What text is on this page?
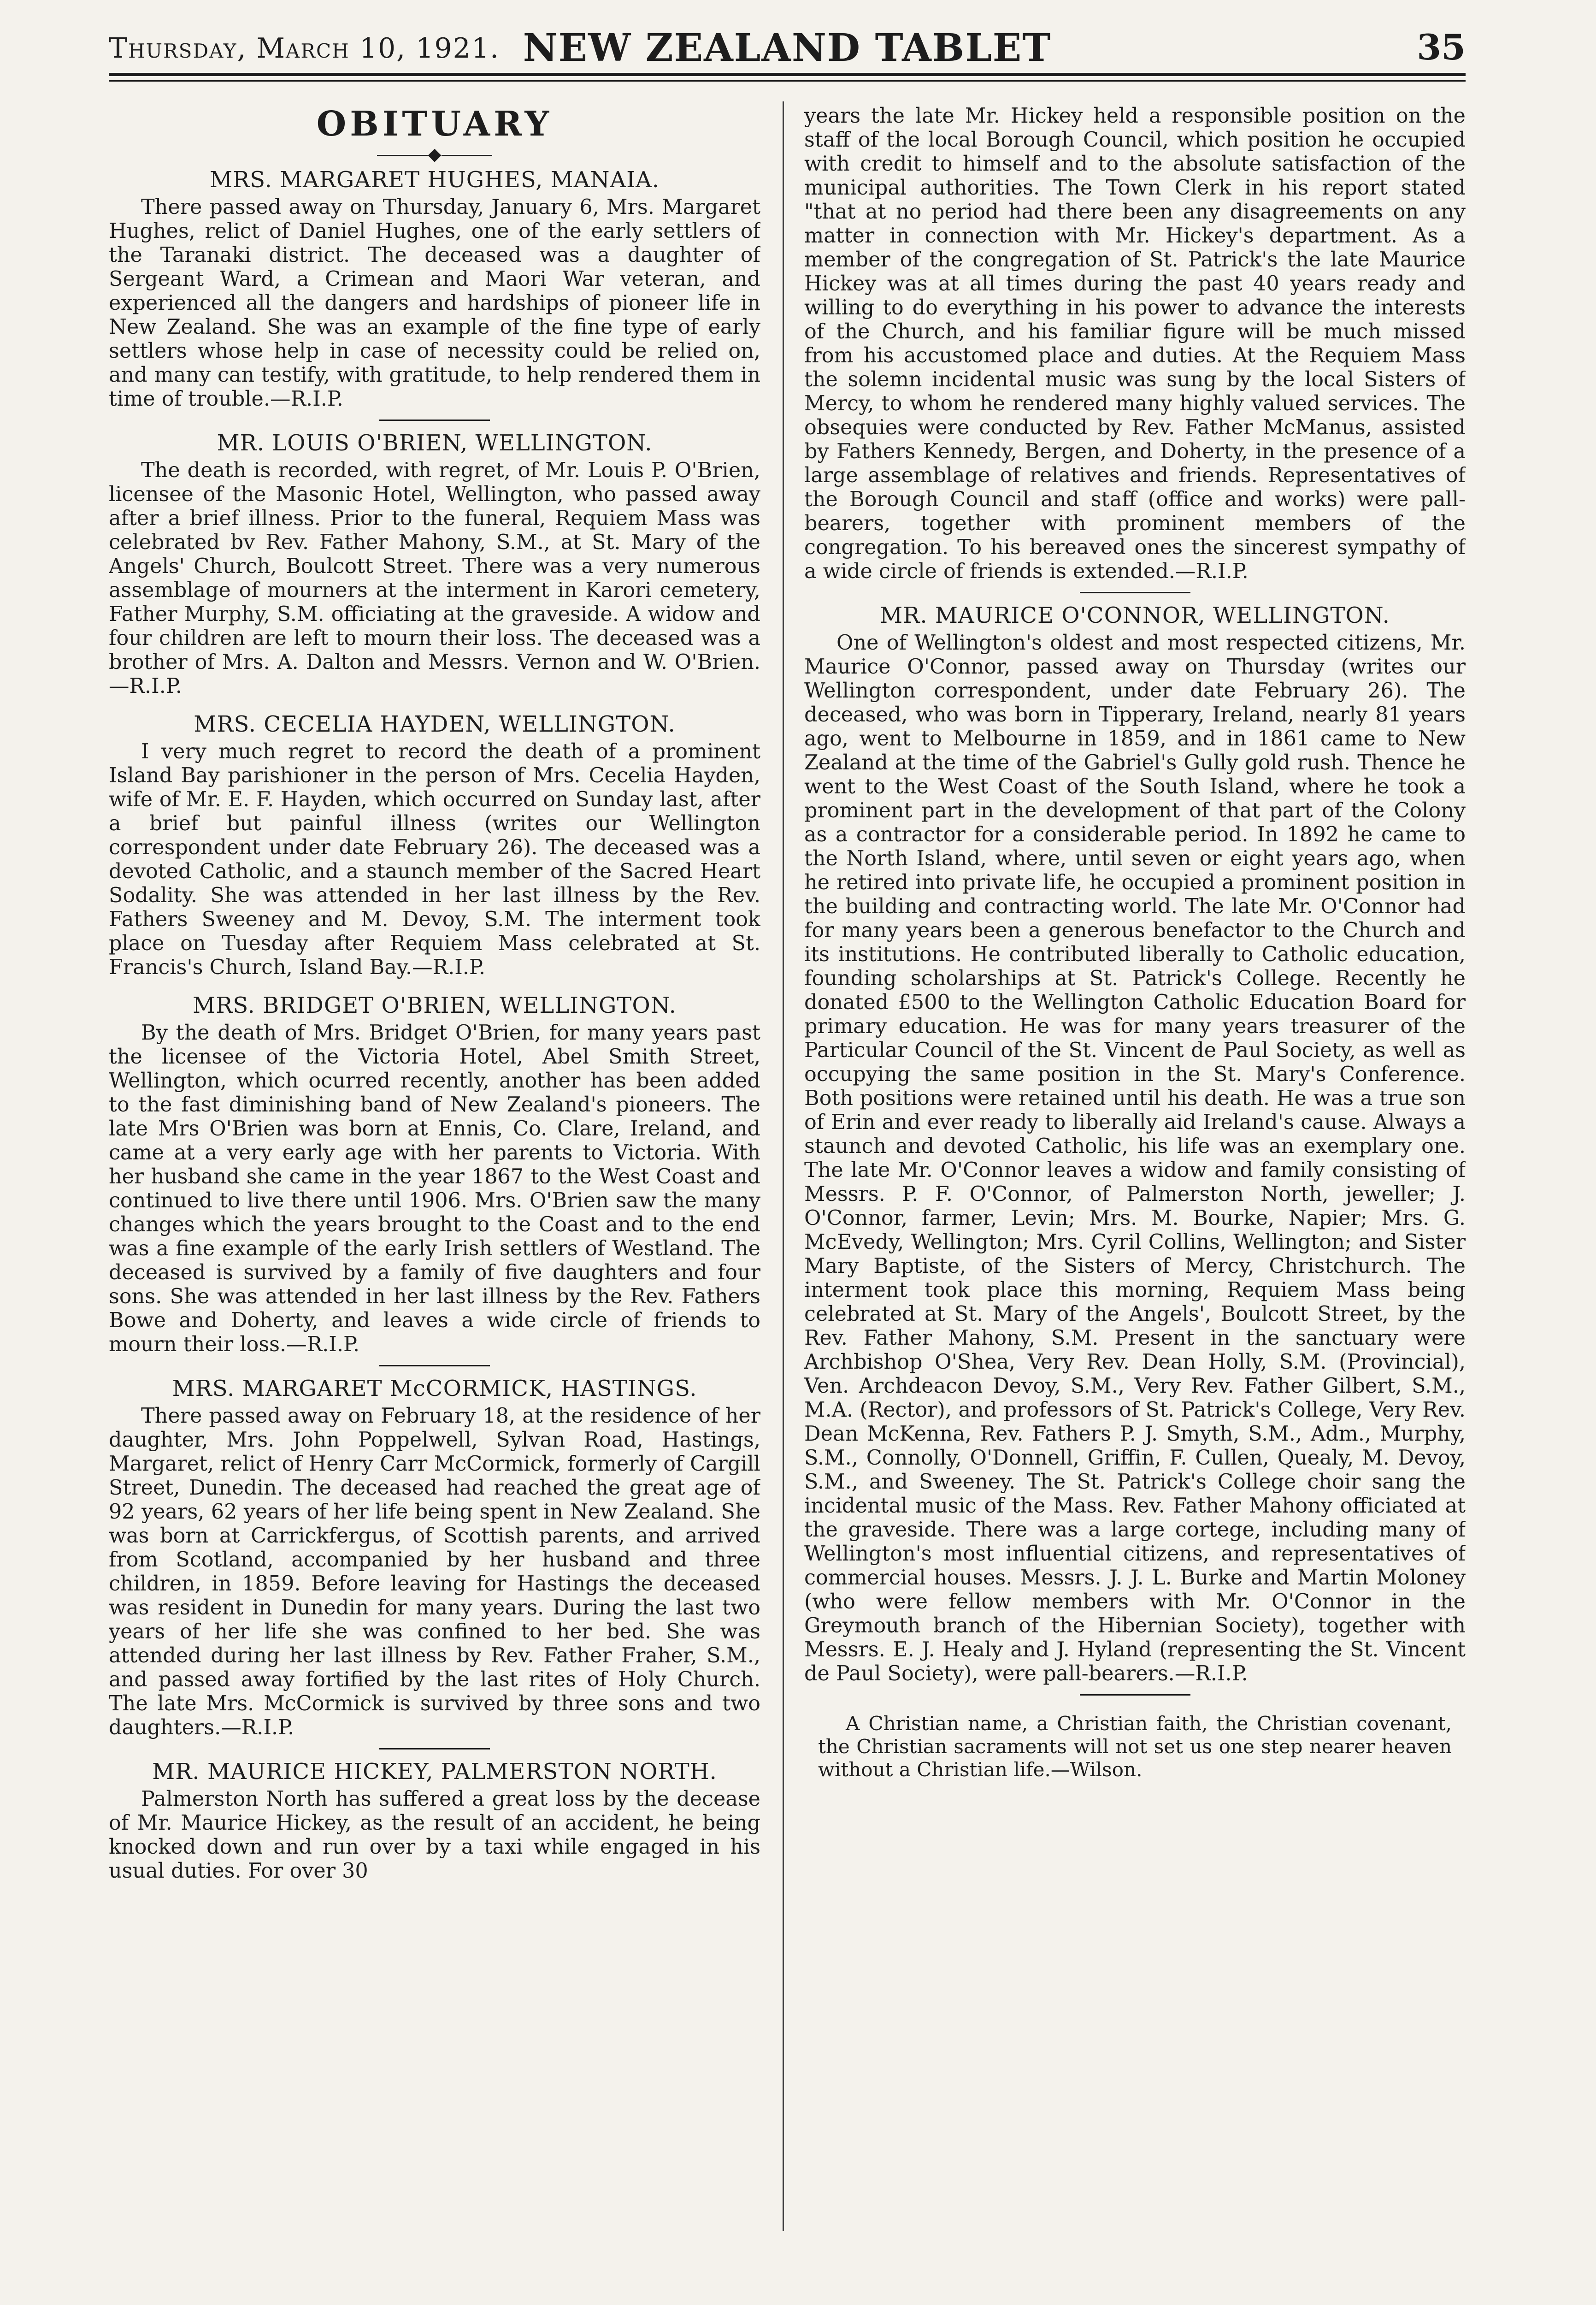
Thursday, March 10, 1921. NEW ZEALAND TABLET	35
OBITUARY
◆

MRS. MARGARET HUGHES, MANAIA.

There passed away on Thursday, January 6, Mrs. Margaret Hughes, relict of Daniel Hughes, one of the early settlers of the Taranaki district. The deceased was a daughter of Sergeant Ward, a Crimean and Maori War veteran, and experienced all the dangers and hardships of pioneer life in New Zealand. She was an example of the fine type of early settlers whose help in case of necessity could be relied on, and many can testify, with gratitude, to help rendered them in time of trouble.—R.I.P.

MR. LOUIS O'BRIEN, WELLINGTON.

The death is recorded, with regret, of Mr. Louis P. O'Brien, licensee of the Masonic Hotel, Wellington, who passed away after a brief illness. Prior to the funeral, Requiem Mass was celebrated bv Rev. Father Mahony, S.M., at St. Mary of the Angels' Church, Boulcott Street. There was a very numerous assemblage of mourners at the interment in Karori cemetery, Father Murphy, S.M. officiating at the graveside. A widow and four children are left to mourn their loss. The deceased was a brother of Mrs. A. Dalton and Messrs. Vernon and W. O'Brien.—R.I.P.

MRS. CECELIA HAYDEN, WELLINGTON.

I very much regret to record the death of a prominent Island Bay parishioner in the person of Mrs. Cecelia Hayden, wife of Mr. E. F. Hayden, which occurred on Sunday last, after a brief but painful illness (writes our Wellington correspondent under date February 26). The deceased was a devoted Catholic, and a staunch member of the Sacred Heart Sodality. She was attended in her last illness by the Rev. Fathers Sweeney and M. Devoy, S.M. The interment took place on Tuesday after Requiem Mass celebrated at St. Francis's Church, Island Bay.—R.I.P.

MRS. BRIDGET O'BRIEN, WELLINGTON.

By the death of Mrs. Bridget O'Brien, for many years past the licensee of the Victoria Hotel, Abel Smith Street, Wellington, which ocurred recently, another has been added to the fast diminishing band of New Zealand's pioneers. The late Mrs O'Brien was born at Ennis, Co. Clare, Ireland, and came at a very early age with her parents to Victoria. With her husband she came in the year 1867 to the West Coast and continued to live there until 1906. Mrs. O'Brien saw the many changes which the years brought to the Coast and to the end was a fine example of the early Irish settlers of Westland. The deceased is survived by a family of five daughters and four sons. She was attended in her last illness by the Rev. Fathers Bowe and Doherty, and leaves a wide circle of friends to mourn their loss.—R.I.P.

MRS. MARGARET McCORMICK, HASTINGS.

There passed away on February 18, at the residence of her daughter, Mrs. John Poppelwell, Sylvan Road, Hastings, Margaret, relict of Henry Carr McCormick, formerly of Cargill Street, Dunedin. The deceased had reached the great age of 92 years, 62 years of her life being spent in New Zealand. She was born at Carrickfergus, of Scottish parents, and arrived from Scotland, accompanied by her husband and three children, in 1859. Before leaving for Hastings the deceased was resident in Dunedin for many years. During the last two years of her life she was confined to her bed. She was attended during her last illness by Rev. Father Fraher, S.M., and passed away fortified by the last rites of Holy Church. The late Mrs. McCormick is survived by three sons and two daughters.—R.I.P.

MR. MAURICE HICKEY, PALMERSTON NORTH.

Palmerston North has suffered a great loss by the decease of Mr. Maurice Hickey, as the result of an accident, he being knocked down and run over by a taxi while engaged in his usual duties. For over 30

years the late Mr. Hickey held a responsible position on the staff of the local Borough Council, which position he occupied with credit to himself and to the absolute satisfaction of the municipal authorities. The Town Clerk in his report stated "that at no period had there been any disagreements on any matter in connection with Mr. Hickey's department. As a member of the congregation of St. Patrick's the late Maurice Hickey was at all times during the past 40 years ready and willing to do everything in his power to advance the interests of the Church, and his familiar figure will be much missed from his accustomed place and duties. At the Requiem Mass the solemn incidental music was sung by the local Sisters of Mercy, to whom he rendered many highly valued services. The obsequies were conducted by Rev. Father McManus, assisted by Fathers Kennedy, Bergen, and Doherty, in the presence of a large assemblage of relatives and friends. Representatives of the Borough Council and staff (office and works) were pall-bearers, together with prominent members of the congregation. To his bereaved ones the sincerest sympathy of a wide circle of friends is extended.—R.I.P.

MR. MAURICE O'CONNOR, WELLINGTON.

One of Wellington's oldest and most respected citizens, Mr. Maurice O'Connor, passed away on Thursday (writes our Wellington correspondent, under date February 26). The deceased, who was born in Tipperary, Ireland, nearly 81 years ago, went to Melbourne in 1859, and in 1861 came to New Zealand at the time of the Gabriel's Gully gold rush. Thence he went to the West Coast of the South Island, where he took a prominent part in the development of that part of the Colony as a contractor for a considerable period. In 1892 he came to the North Island, where, until seven or eight years ago, when he retired into private life, he occupied a prominent position in the building and contracting world. The late Mr. O'Connor had for many years been a generous benefactor to the Church and its institutions. He contributed liberally to Catholic education, founding scholarships at St. Patrick's College. Recently he donated £500 to the Wellington Catholic Education Board for primary education. He was for many years treasurer of the Particular Council of the St. Vincent de Paul Society, as well as occupying the same position in the St. Mary's Conference. Both positions were retained until his death. He was a true son of Erin and ever ready to liberally aid Ireland's cause. Always a staunch and devoted Catholic, his life was an exemplary one. The late Mr. O'Connor leaves a widow and family consisting of Messrs. P. F. O'Connor, of Palmerston North, jeweller; J. O'Connor, farmer, Levin; Mrs. M. Bourke, Napier; Mrs. G. McEvedy, Wellington; Mrs. Cyril Collins, Wellington; and Sister Mary Baptiste, of the Sisters of Mercy, Christchurch. The interment took place this morning, Requiem Mass being celebrated at St. Mary of the Angels', Boulcott Street, by the Rev. Father Mahony, S.M. Present in the sanctuary were Archbishop O'Shea, Very Rev. Dean Holly, S.M. (Provincial), Ven. Archdeacon Devoy, S.M., Very Rev. Father Gilbert, S.M., M.A. (Rector), and professors of St. Patrick's College, Very Rev. Dean McKenna, Rev. Fathers P. J. Smyth, S.M., Adm., Murphy, S.M., Connolly, O'Donnell, Griffin, F. Cullen, Quealy, M. Devoy, S.M., and Sweeney. The St. Patrick's College choir sang the incidental music of the Mass. Rev. Father Mahony officiated at the graveside. There was a large cortege, including many of Wellington's most influential citizens, and representatives of commercial houses. Messrs. J. J. L. Burke and Martin Moloney (who were fellow members with Mr. O'Connor in the Greymouth branch of the Hibernian Society), together with Messrs. E. J. Healy and J. Hyland (representing the St. Vincent de Paul Society), were pall-bearers.—R.I.P.

A Christian name, a Christian faith, the Christian covenant, the Christian sacraments will not set us one step nearer heaven without a Christian life.—Wilson.
